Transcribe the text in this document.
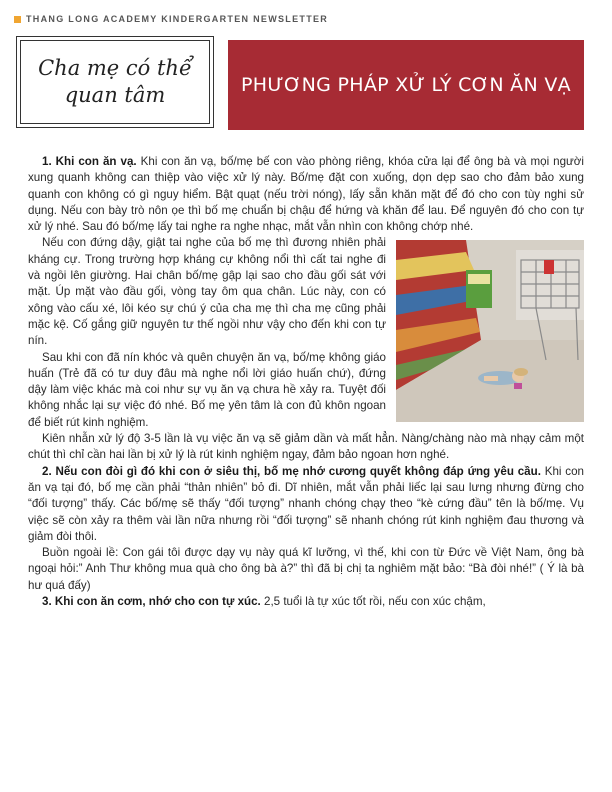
THANG LONG ACADEMY KINDERGARTEN NEWSLETTER
Cha mẹ có thể
quan tâm	PHƯƠNG PHÁP XỬ LÝ CƠN ĂN VẠ

1. Khi con ăn vạ. Khi con ăn vạ, bố/mẹ bế con vào phòng riêng, khóa cửa lại để ông bà và mọi người xung quanh không can thiệp vào việc xử lý này. Bố/mẹ đặt con xuống, dọn dẹp sao cho đảm bảo xung quanh con không có gì nguy hiểm. Bật quạt (nếu trời nóng), lấy sẵn khăn mặt để đó cho con tùy nghi sử dụng. Nếu con bày trò nôn ọe thì bố mẹ chuẩn bị chậu để hứng và khăn để lau. Để nguyên đó cho con tự xử lý nhé. Sau đó bố/mẹ lấy tai nghe ra nghe nhạc, mắt vẫn nhìn con không chớp nhé.

Nếu con đứng dậy, giật tai nghe của bố mẹ thì đương nhiên phải kháng cự. Trong trường hợp kháng cự không nổi thì cất tai nghe đi và ngồi lên giường. Hai chân bố/mẹ gập lại sao cho đầu gối sát với mặt. Úp mặt vào đầu gối, vòng tay ôm qua chân. Lúc này, con có xông vào cấu xé, lôi kéo sự chú ý của cha mẹ thì cha mẹ cũng phải mặc kệ. Cố gắng giữ nguyên tư thế ngồi như vậy cho đến khi con tự nín.

Sau khi con đã nín khóc và quên chuyện ăn vạ, bố/mẹ không giáo huấn (Trẻ đã có tư duy đâu mà nghe nổi lời giáo huấn chứ), đứng dậy làm việc khác mà coi như sự vụ ăn vạ chưa hề xảy ra. Tuyệt đối không nhắc lại sự việc đó nhé. Bố mẹ yên tâm là con đủ khôn ngoan để biết rút kinh nghiệm.

Kiên nhẫn xử lý độ 3-5 lần là vụ việc ăn vạ sẽ giảm dần và mất hẳn. Nàng/chàng nào mà nhạy cảm một chút thì chỉ cần hai lần bị xử lý là rút kinh nghiệm ngay, đảm bảo ngoan hơn nghé.

2. Nếu con đòi gì đó khi con ở siêu thị, bố mẹ nhớ cương quyết không đáp ứng yêu cầu. Khi con ăn vạ tại đó, bố mẹ cần phải “thản nhiên” bỏ đi. Dĩ nhiên, mắt vẫn phải liếc lại sau lưng nhưng đừng cho “đối tượng” thấy. Các bố/mẹ sẽ thấy “đối tượng” nhanh chóng chạy theo “kè cứng đầu” tên là bố/mẹ. Vụ việc sẽ còn xảy ra thêm vài lần nữa nhưng rồi “đối tượng” sẽ nhanh chóng rút kinh nghiệm đau thương và giảm đòi thôi.

Buồn ngoài lề: Con gái tôi được dạy vụ này quá kĩ lưỡng, vì thế, khi con từ Đức về Việt Nam, ông bà ngoại hỏi:” Anh Thư không mua quà cho ông bà à?” thì đã bị chị ta nghiêm mặt bảo: “Bà đòi nhé!” ( Ý là bà hư quá đấy)

3. Khi con ăn cơm, nhớ cho con tự xúc. 2,5 tuổi là tự xúc tốt rồi, nếu con xúc chậm,
